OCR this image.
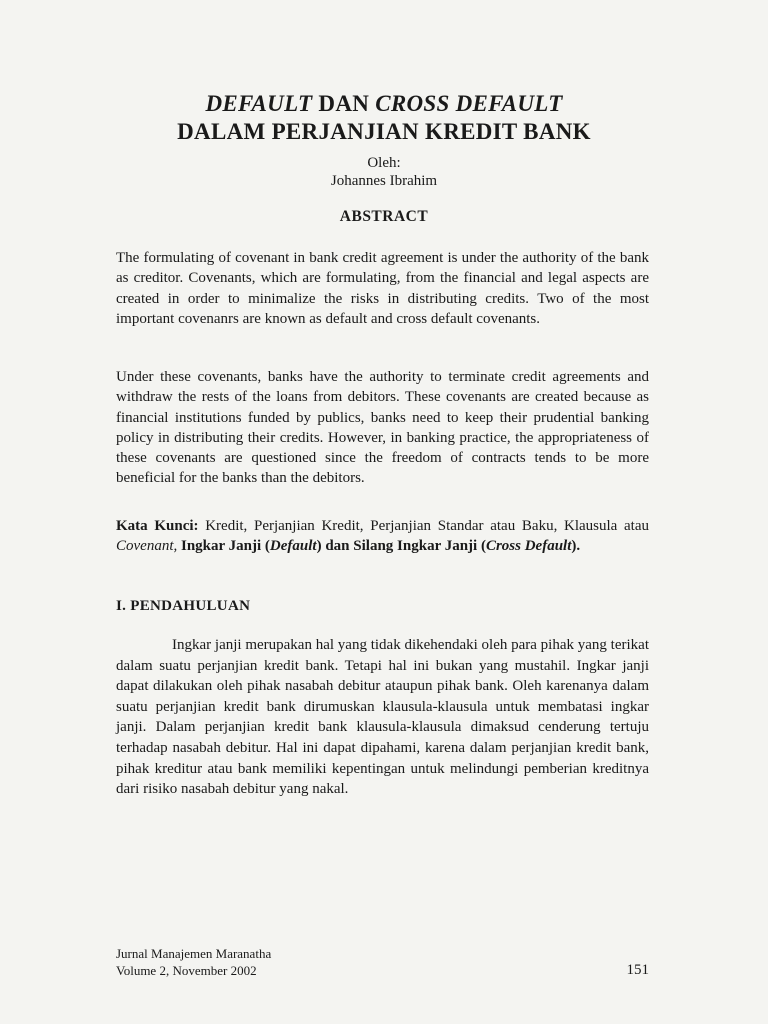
DEFAULT DAN CROSS DEFAULT
DALAM PERJANJIAN KREDIT BANK
Oleh:
Johannes Ibrahim
ABSTRACT
The formulating of covenant in bank credit agreement is under the authority of the bank as creditor. Covenants, which are formulating, from the financial and legal aspects are created in order to minimalize the risks in distributing credits. Two of the most important covenanrs are known as default and cross default covenants.
Under these covenants, banks have the authority to terminate credit agreements and withdraw the rests of the loans from debitors. These covenants are created because as financial institutions funded by publics, banks need to keep their prudential banking policy in distributing their credits. However, in banking practice, the appropriateness of these covenants are questioned since the freedom of contracts tends to be more beneficial for the banks than the debitors.
Kata Kunci: Kredit, Perjanjian Kredit, Perjanjian Standar atau Baku, Klausula atau Covenant, Ingkar Janji (Default) dan Silang Ingkar Janji (Cross Default).
I. PENDAHULUAN
Ingkar janji merupakan hal yang tidak dikehendaki oleh para pihak yang terikat dalam suatu perjanjian kredit bank. Tetapi hal ini bukan yang mustahil. Ingkar janji dapat dilakukan oleh pihak nasabah debitur ataupun pihak bank. Oleh karenanya dalam suatu perjanjian kredit bank dirumuskan klausula-klausula untuk membatasi ingkar janji. Dalam perjanjian kredit bank klausula-klausula dimaksud cenderung tertuju terhadap nasabah debitur. Hal ini dapat dipahami, karena dalam perjanjian kredit bank, pihak kreditur atau bank memiliki kepentingan untuk melindungi pemberian kreditnya dari risiko nasabah debitur yang nakal.
Jurnal Manajemen Maranatha
Volume 2, November 2002	151
